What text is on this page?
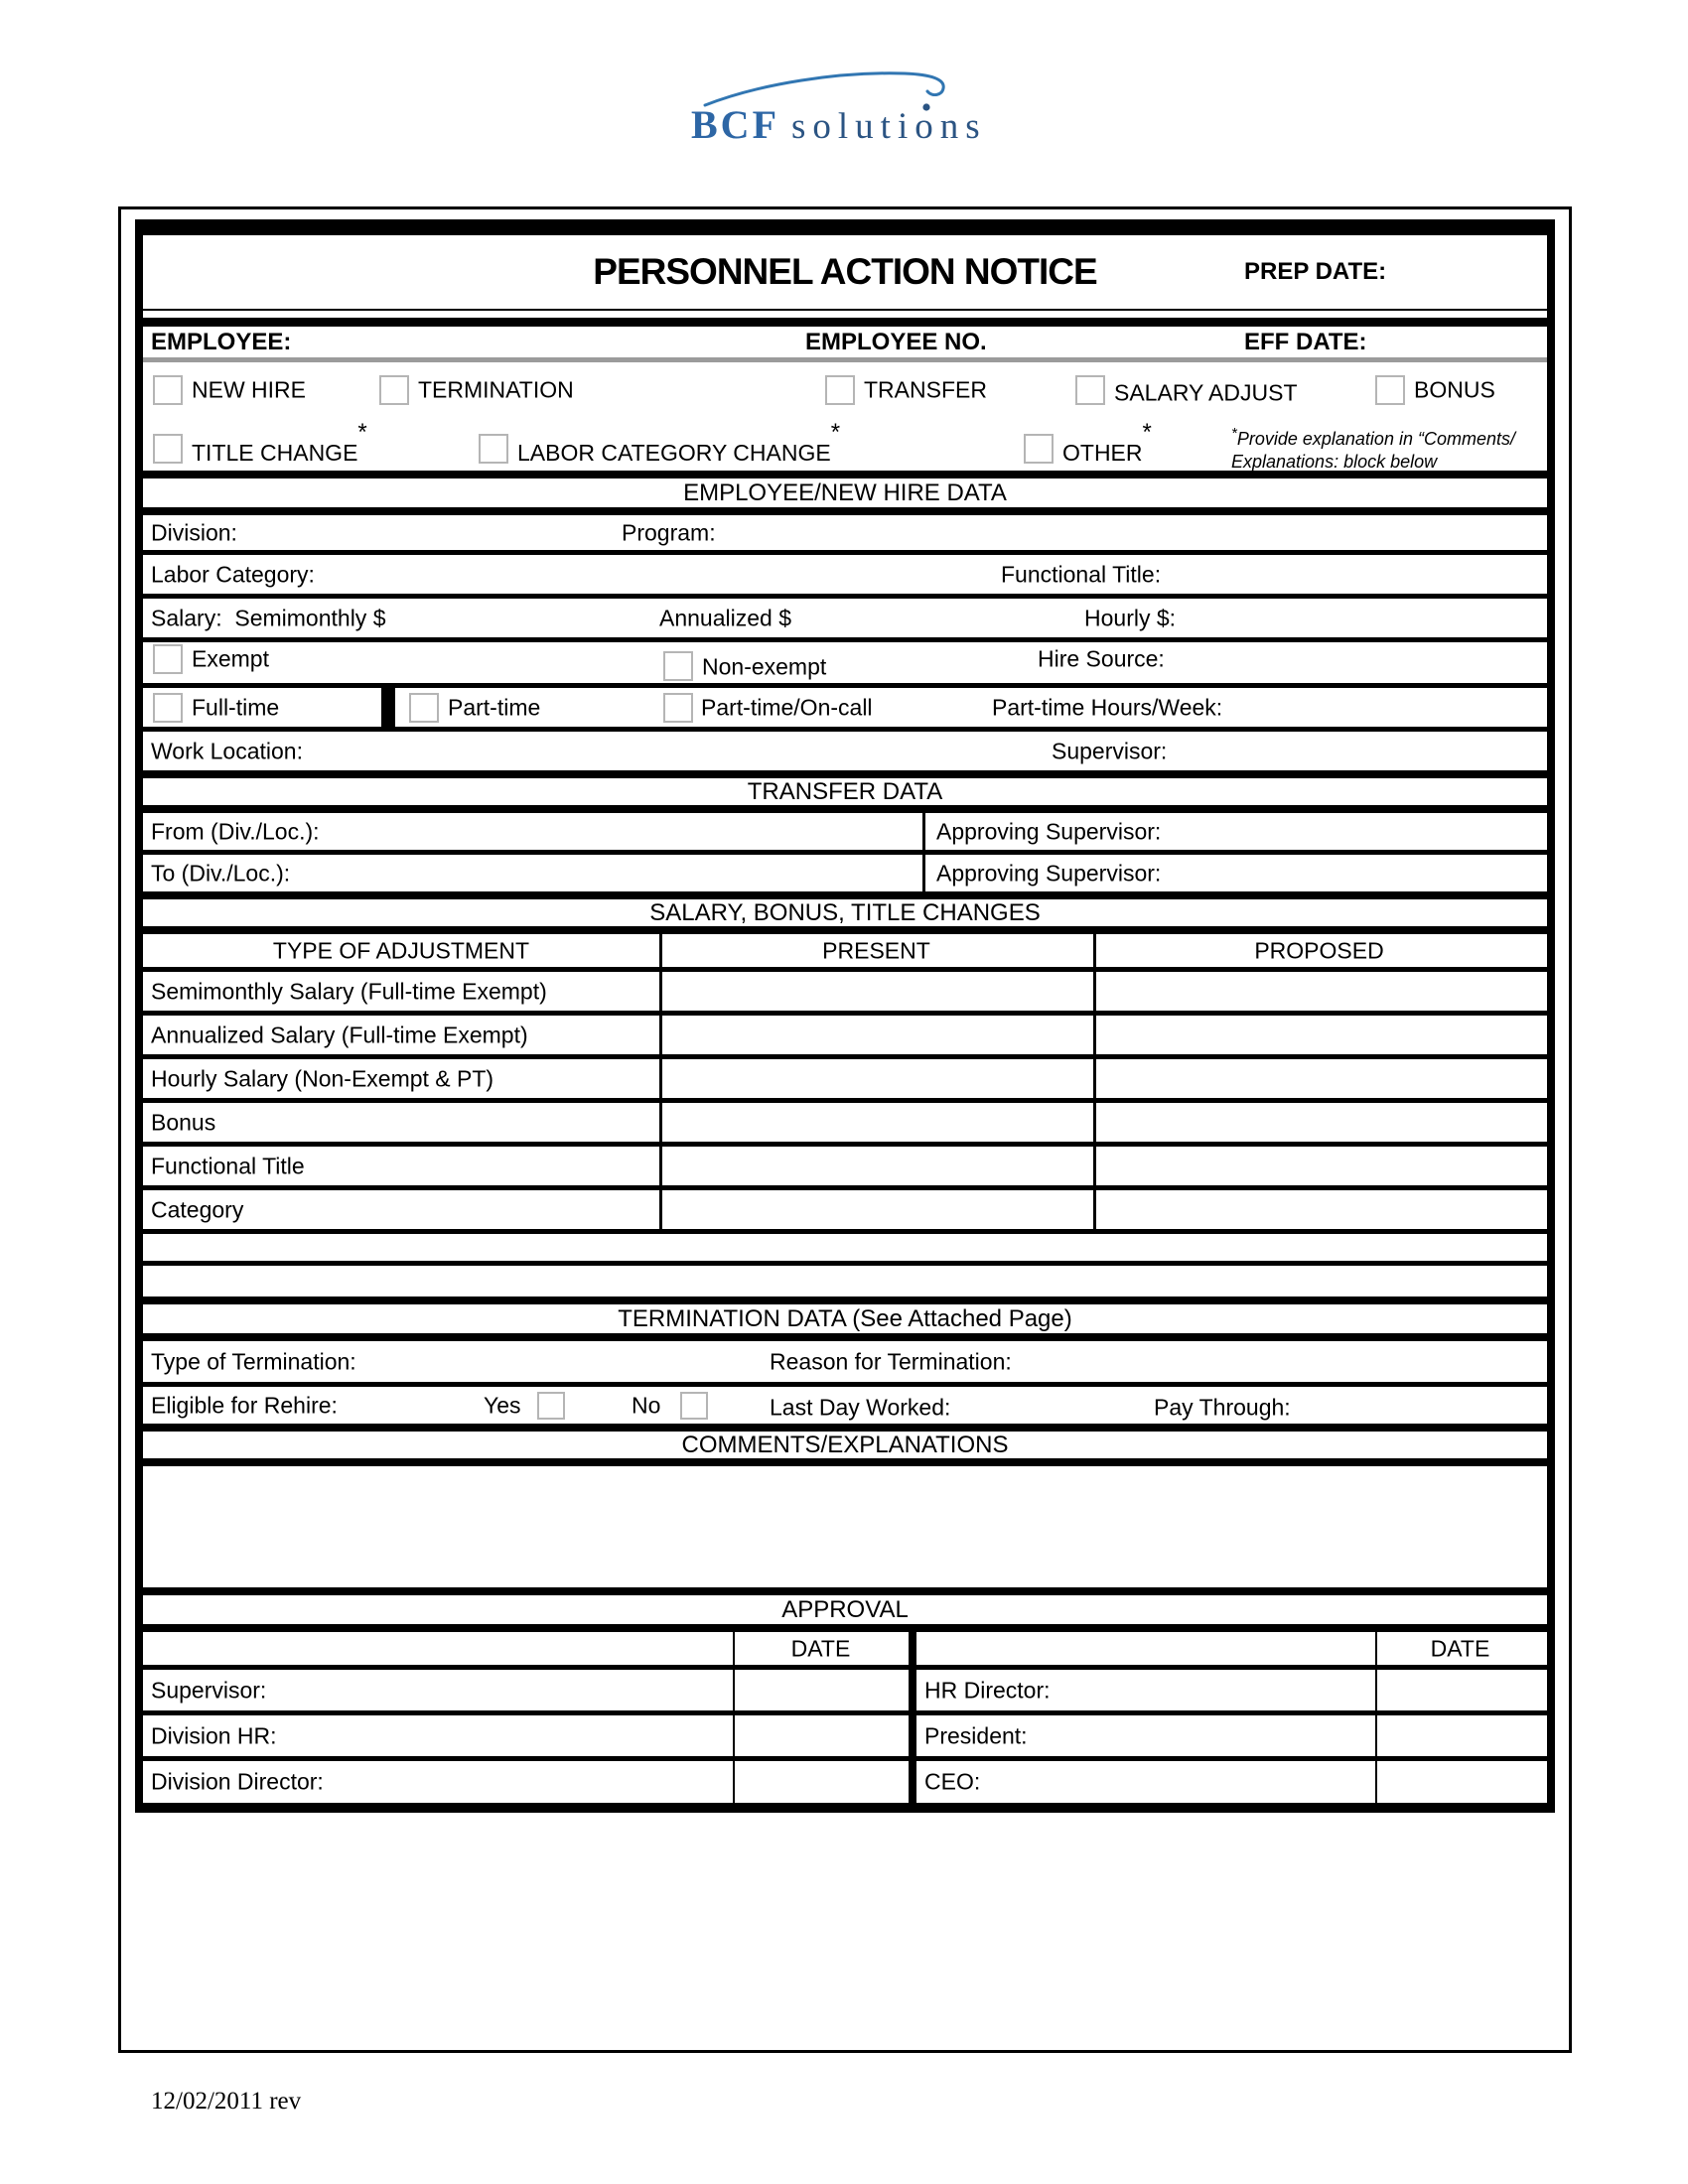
BCF solutions
PERSONNEL ACTION NOTICE	PREP DATE:
EMPLOYEE:	EMPLOYEE NO.	EFF DATE:
NEW HIRE	TERMINATION	TRANSFER	SALARY ADJUST	BONUS
TITLE CHANGE*
LABOR CATEGORY CHANGE*
OTHER*	*Provide explanation in “Comments/
Explanations: block below
EMPLOYEE/NEW HIRE DATA
Division:	Program:
Labor Category:	Functional Title:
Salary:  Semimonthly $	Annualized $	Hourly $:
Exempt	Non-exempt	Hire Source:
Full-time	Part-time	Part-time/On-call	Part-time Hours/Week:
Work Location:	Supervisor:
TRANSFER DATA
From (Div./Loc.):	Approving Supervisor:
To (Div./Loc.):	Approving Supervisor:
SALARY, BONUS, TITLE CHANGES
TYPE OF ADJUSTMENT	PRESENT	PROPOSED
Semimonthly Salary (Full-time Exempt)
Annualized Salary (Full-time Exempt)
Hourly Salary (Non-Exempt & PT)
Bonus
Functional Title
Category
TERMINATION DATA (See Attached Page)
Type of Termination:	Reason for Termination:
Eligible for Rehire:	Yes	No	Last Day Worked:	Pay Through:
COMMENTS/EXPLANATIONS
APPROVAL
DATE	DATE
Supervisor:	HR Director:
Division HR:	President:
Division Director:	CEO:
12/02/2011 rev
